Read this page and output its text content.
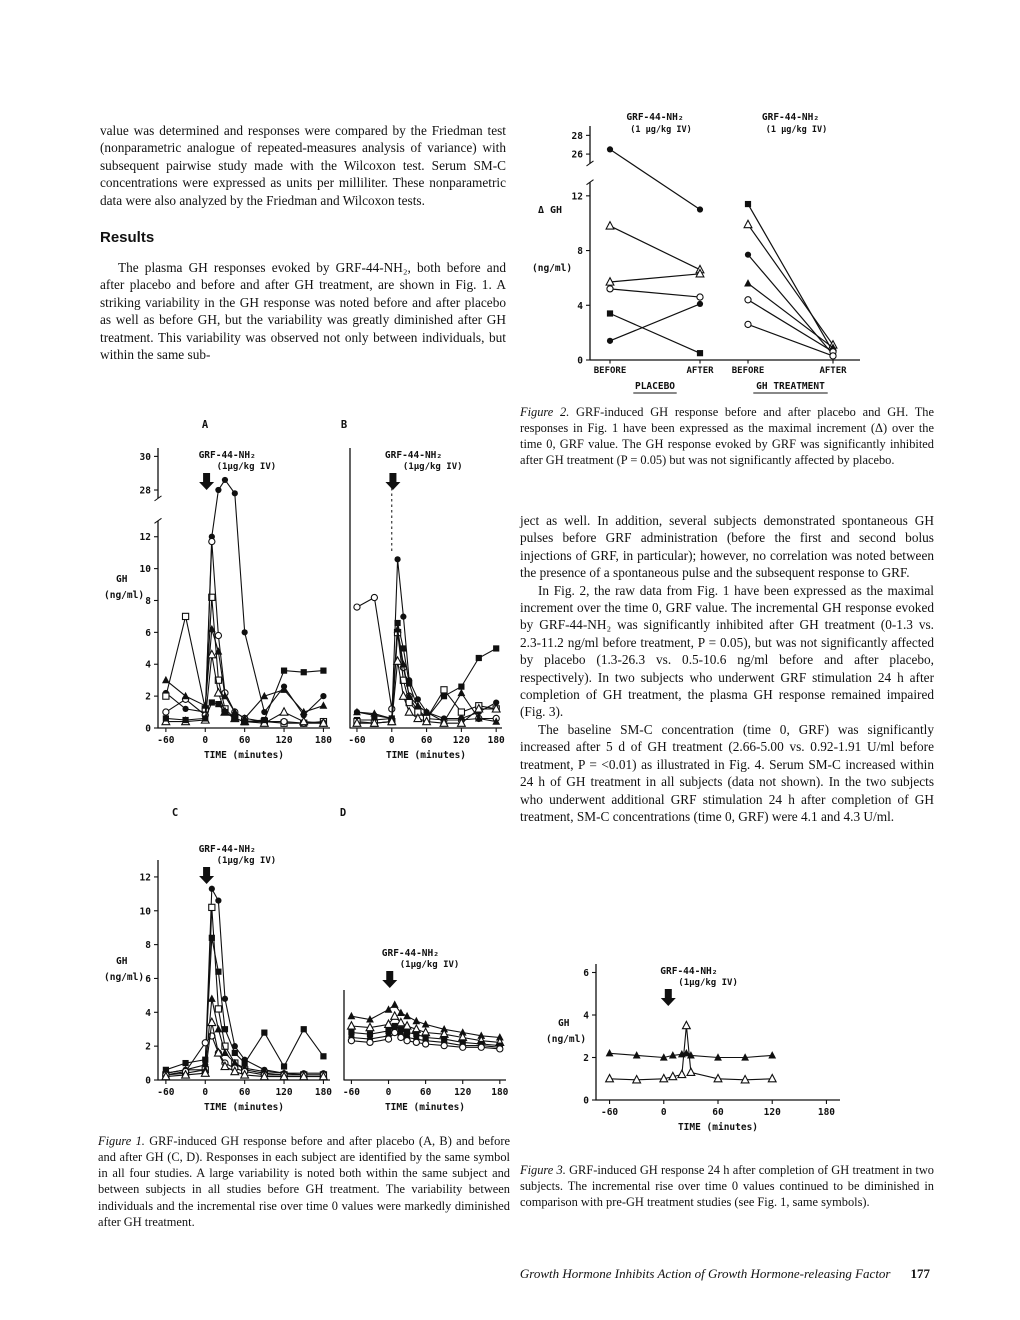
value was determined and responses were compared by the Friedman test (nonparametric analogue of repeated-measures analysis of variance) with subsequent pairwise study made with the Wilcoxon test. Serum SM-C concentrations were expressed as units per milliliter. These nonparametric data were also analyzed by the Friedman and Wilcoxon tests.

Results

The plasma GH responses evoked by GRF-44-NH₂, both before and after placebo and before and after GH treatment, are shown in Fig. 1. A striking variability in the GH response was noted before and after placebo as well as before GH, but the variability was greatly diminished after GH treatment. This variability was observed not only between individuals, but within the same sub-	0
4
8
12
26
28
Δ GH
(ng/ml)
GRF-44-NH₂
(1 μg/kg IV)
BEFORE	AFTER
PLACEBO
GRF-44-NH₂
(1 μg/kg IV)
BEFORE	AFTER
GH TREATMENT

Figure 2. GRF-induced GH response before and after placebo and GH. The responses in Fig. 1 have been expressed as the maximal increment (Δ) over the time 0, GRF value. The GH response evoked by GRF was significantly inhibited after GH treatment (P = 0.05) but was not significantly affected by placebo.

ject as well. In addition, several subjects demonstrated spontaneous GH pulses before GRF administration (before the first and second bolus injections of GRF, in particular); however, no correlation was noted between the presence of a spontaneous pulse and the subsequent response to GRF.

In Fig. 2, the raw data from Fig. 1 have been expressed as the maximal increment over the time 0, GRF value. The incremental GH response evoked by GRF-44-NH₂ was significantly inhibited after GH treatment (0-1.3 vs. 2.3-11.2 ng/ml before treatment, P = 0.05), but was not significantly affected by placebo (1.3-26.3 vs. 0.5-10.6 ng/ml before and after placebo, respectively). In two subjects who underwent GRF stimulation 24 h after completion of GH treatment, the plasma GH response remained impaired (Fig. 3).

The baseline SM-C concentration (time 0, GRF) was significantly increased after 5 d of GH treatment (2.66-5.00 vs. 0.92-1.91 U/ml before treatment, P = <0.01) as illustrated in Fig. 4. Serum SM-C increased within 24 h of GH treatment in all subjects (data not shown). In the two subjects who underwent additional GRF stimulation 24 h after completion of GH treatment, SM-C concentrations (time 0, GRF) were 4.1 and 4.3 U/ml.

0
2
4
6
8
10
12
28
30
-60	0	60	120 180
TIME (minutes)
GH
(ng/ml)
GRF-44-NH₂
(1μg/kg IV)
A
-60 0	60 120 180
TIME (minutes)
GRF-44-NH₂
(1μg/kg IV)
B
0
2
4
6
8
10
12
-60	0	60	120 180
TIME (minutes)
GH
(ng/ml)
GRF-44-NH₂
(1μg/kg IV)
C
-60	0	60 120 180
TIME (minutes)
GRF-44-NH₂
(1μg/kg IV)
D

Figure 1. GRF-induced GH response before and after placebo (A, B) and before and after GH (C, D). Responses in each subject are identified by the same symbol in all four studies. A large variability is noted both within the same subject and between subjects in all studies before GH treatment. The variability between individuals and the incremental rise over time 0 values were markedly diminished after GH treatment.

0
2
4
6
-60	0	60	120	180
TIME (minutes)
GH
(ng/ml)
GRF-44-NH₂
(1μg/kg IV)

Figure 3. GRF-induced GH response 24 h after completion of GH treatment in two subjects. The incremental rise over time 0 values continued to be diminished in comparison with pre-GH treatment studies (see Fig. 1, same symbols).

Growth Hormone Inhibits Action of Growth Hormone-releasing Factor 177
